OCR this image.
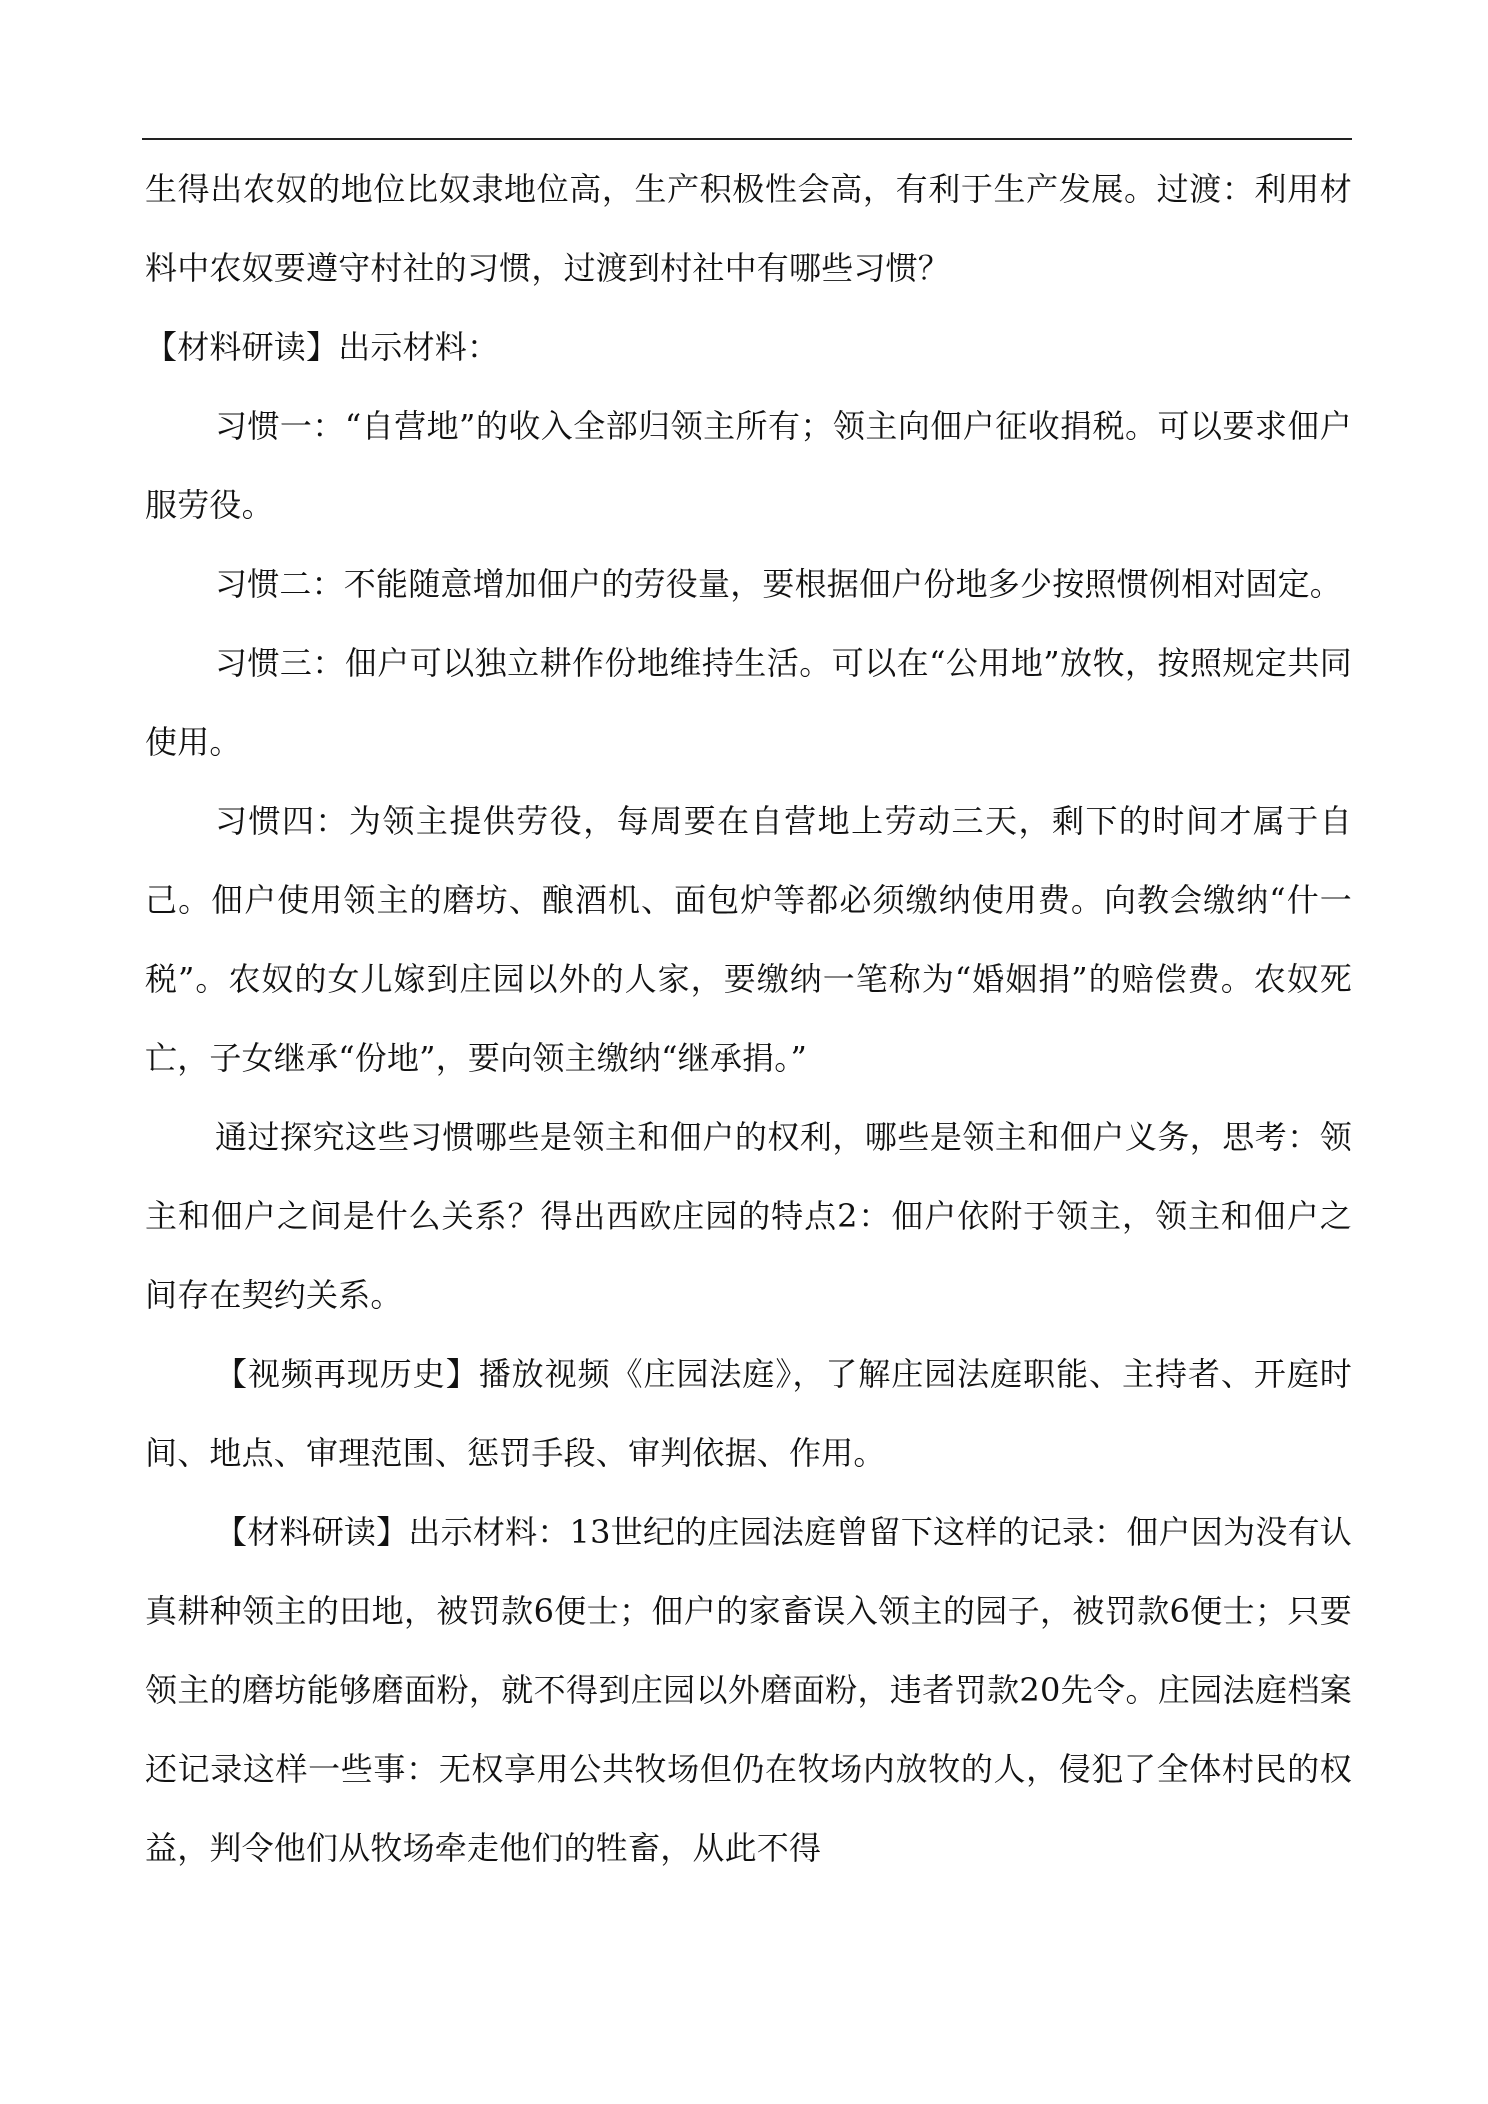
生得出农奴的地位比奴隶地位高，生产积极性会高，有利于生产发展。过渡：利用材料中农奴要遵守村社的习惯，过渡到村社中有哪些习惯？

【材料研读】出示材料：

习惯一：“自营地”的收入全部归领主所有；领主向佃户征收捐税。可以要求佃户服劳役。

习惯二：不能随意增加佃户的劳役量，要根据佃户份地多少按照惯例相对固定。

习惯三：佃户可以独立耕作份地维持生活。可以在“公用地”放牧，按照规定共同使用。

习惯四：为领主提供劳役，每周要在自营地上劳动三天，剩下的时间才属于自己。佃户使用领主的磨坊、酿酒机、面包炉等都必须缴纳使用费。向教会缴纳“什一税”。农奴的女儿嫁到庄园以外的人家，要缴纳一笔称为“婚姻捐”的赔偿费。农奴死亡，子女继承“份地”，要向领主缴纳“继承捐。”

通过探究这些习惯哪些是领主和佃户的权利，哪些是领主和佃户义务，思考：领主和佃户之间是什么关系？得出西欧庄园的特点2：佃户依附于领主，领主和佃户之间存在契约关系。

【视频再现历史】播放视频《庄园法庭》，了解庄园法庭职能、主持者、开庭时间、地点、审理范围、惩罚手段、审判依据、作用。

【材料研读】出示材料：13世纪的庄园法庭曾留下这样的记录：佃户因为没有认真耕种领主的田地，被罚款6便士；佃户的家畜误入领主的园子，被罚款6便士；只要领主的磨坊能够磨面粉，就不得到庄园以外磨面粉，违者罚款20先令。庄园法庭档案还记录这样一些事：无权享用公共牧场但仍在牧场内放牧的人，侵犯了全体村民的权益，判令他们从牧场牵走他们的牲畜，从此不得
